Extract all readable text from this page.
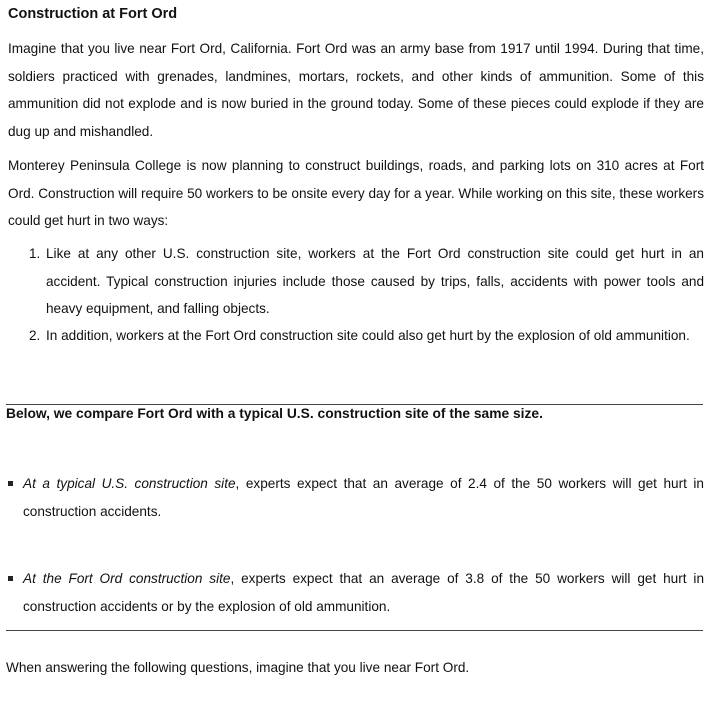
Construction at Fort Ord

Imagine that you live near Fort Ord, California. Fort Ord was an army base from 1917 until 1994. During that time, soldiers practiced with grenades, landmines, mortars, rockets, and other kinds of ammunition. Some of this ammunition did not explode and is now buried in the ground today. Some of these pieces could explode if they are dug up and mishandled.

Monterey Peninsula College is now planning to construct buildings, roads, and parking lots on 310 acres at Fort Ord. Construction will require 50 workers to be onsite every day for a year. While working on this site, these workers could get hurt in two ways:

1. Like at any other U.S. construction site, workers at the Fort Ord construction site could get hurt in an accident. Typical construction injuries include those caused by trips, falls, accidents with power tools and heavy equipment, and falling objects.
2. In addition, workers at the Fort Ord construction site could also get hurt by the explosion of old ammunition.
Below, we compare Fort Ord with a typical U.S. construction site of the same size.
At a typical U.S. construction site, experts expect that an average of 2.4 of the 50 workers will get hurt in construction accidents.
At the Fort Ord construction site, experts expect that an average of 3.8 of the 50 workers will get hurt in construction accidents or by the explosion of old ammunition.
When answering the following questions, imagine that you live near Fort Ord.
